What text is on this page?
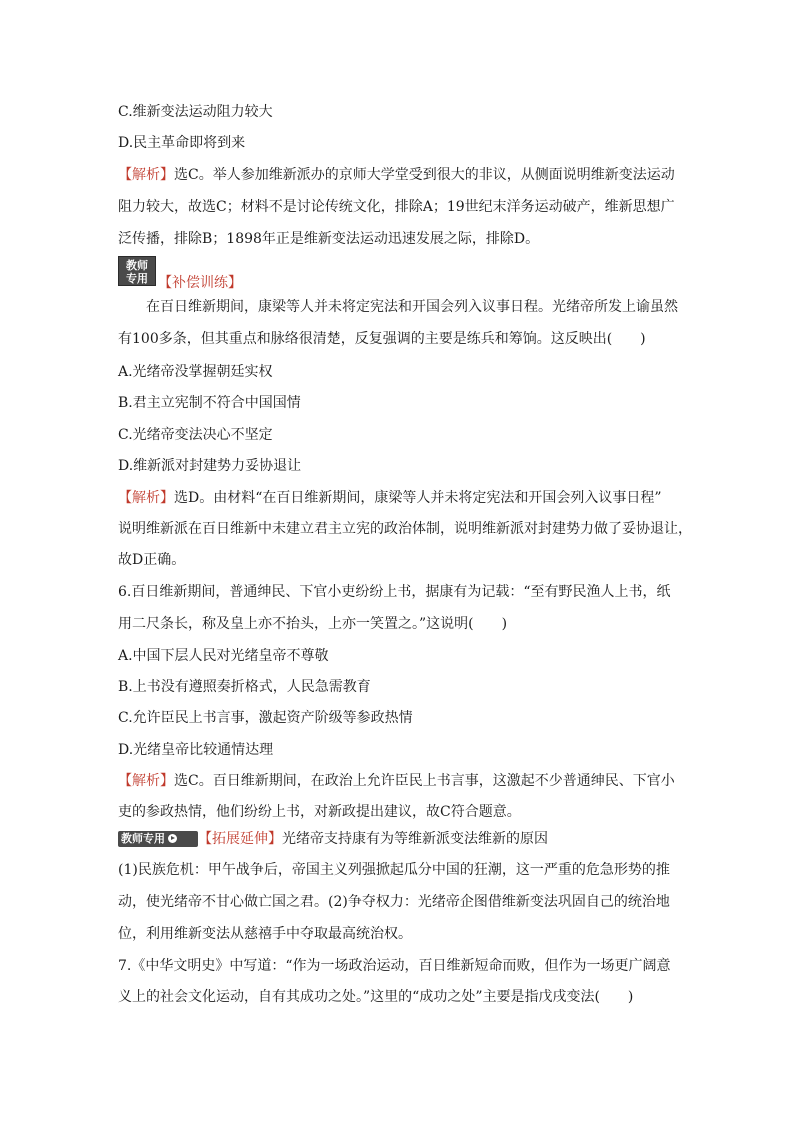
C.维新变法运动阻力较大
D.民主革命即将到来
【解析】选C。举人参加维新派办的京师大学堂受到很大的非议，从侧面说明维新变法运动
阻力较大，故选C；材料不是讨论传统文化，排除A；19世纪末洋务运动破产，维新思想广
泛传播，排除B；1898年正是维新变法运动迅速发展之际，排除D。
教师
专用 【补偿训练】
在百日维新期间，康梁等人并未将定宪法和开国会列入议事日程。光绪帝所发上谕虽然
有100多条，但其重点和脉络很清楚，反复强调的主要是练兵和筹饷。这反映出(　　)
A.光绪帝没掌握朝廷实权
B.君主立宪制不符合中国国情
C.光绪帝变法决心不坚定
D.维新派对封建势力妥协退让
【解析】选D。由材料“在百日维新期间，康梁等人并未将定宪法和开国会列入议事日程”
说明维新派在百日维新中未建立君主立宪的政治体制，说明维新派对封建势力做了妥协退让，
故D正确。
6.百日维新期间，普通绅民、下官小吏纷纷上书，据康有为记载：“至有野民渔人上书，纸
用二尺条长，称及皇上亦不抬头，上亦一笑置之。”这说明(　　)
A.中国下层人民对光绪皇帝不尊敬
B.上书没有遵照奏折格式，人民急需教育
C.允许臣民上书言事，激起资产阶级等参政热情
D.光绪皇帝比较通情达理
【解析】选C。百日维新期间，在政治上允许臣民上书言事，这激起不少普通绅民、下官小
吏的参政热情，他们纷纷上书，对新政提出建议，故C符合题意。
教师专用	【拓展延伸】光绪帝支持康有为等维新派变法维新的原因
(1)民族危机：甲午战争后，帝国主义列强掀起瓜分中国的狂潮，这一严重的危急形势的推
动，使光绪帝不甘心做亡国之君。(2)争夺权力：光绪帝企图借维新变法巩固自己的统治地
位，利用维新变法从慈禧手中夺取最高统治权。
7.《中华文明史》中写道：“作为一场政治运动，百日维新短命而败，但作为一场更广阔意
义上的社会文化运动，自有其成功之处。”这里的“成功之处”主要是指戊戌变法(　　)
